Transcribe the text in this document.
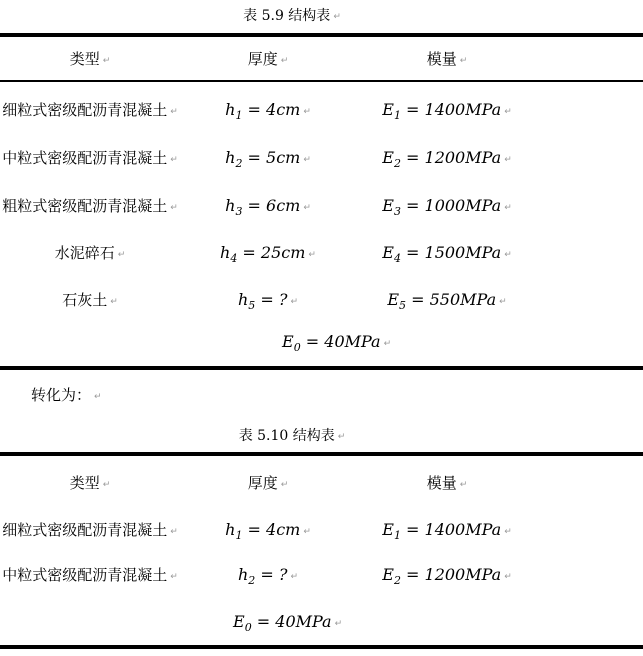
表 5.9 结构表 ↵
类型 ↵	厚度 ↵	模量 ↵
细粒式密级配沥青混凝土 ↵	$h_1 = 4cm$ ↵	$E_1 = 1400MPa$ ↵
中粒式密级配沥青混凝土 ↵	$h_2 = 5cm$ ↵	$E_2 = 1200MPa$ ↵
粗粒式密级配沥青混凝土 ↵	$h_3 = 6cm$ ↵	$E_3 = 1000MPa$ ↵
水泥碎石 ↵	$h_4 = 25cm$ ↵	$E_4 = 1500MPa$ ↵
石灰土 ↵	$h_5$ = ? ↵	$E_5 = 550MPa$ ↵
$E_0 = 40MPa$ ↵
转化为： ↵
表 5.10 结构表 ↵
类型 ↵	厚度 ↵	模量 ↵
细粒式密级配沥青混凝土 ↵	$h_1 = 4cm$ ↵	$E_1 = 1400MPa$ ↵
中粒式密级配沥青混凝土 ↵	$h_2$ = ? ↵	$E_2 = 1200MPa$ ↵
$E_0 = 40MPa$ ↵
